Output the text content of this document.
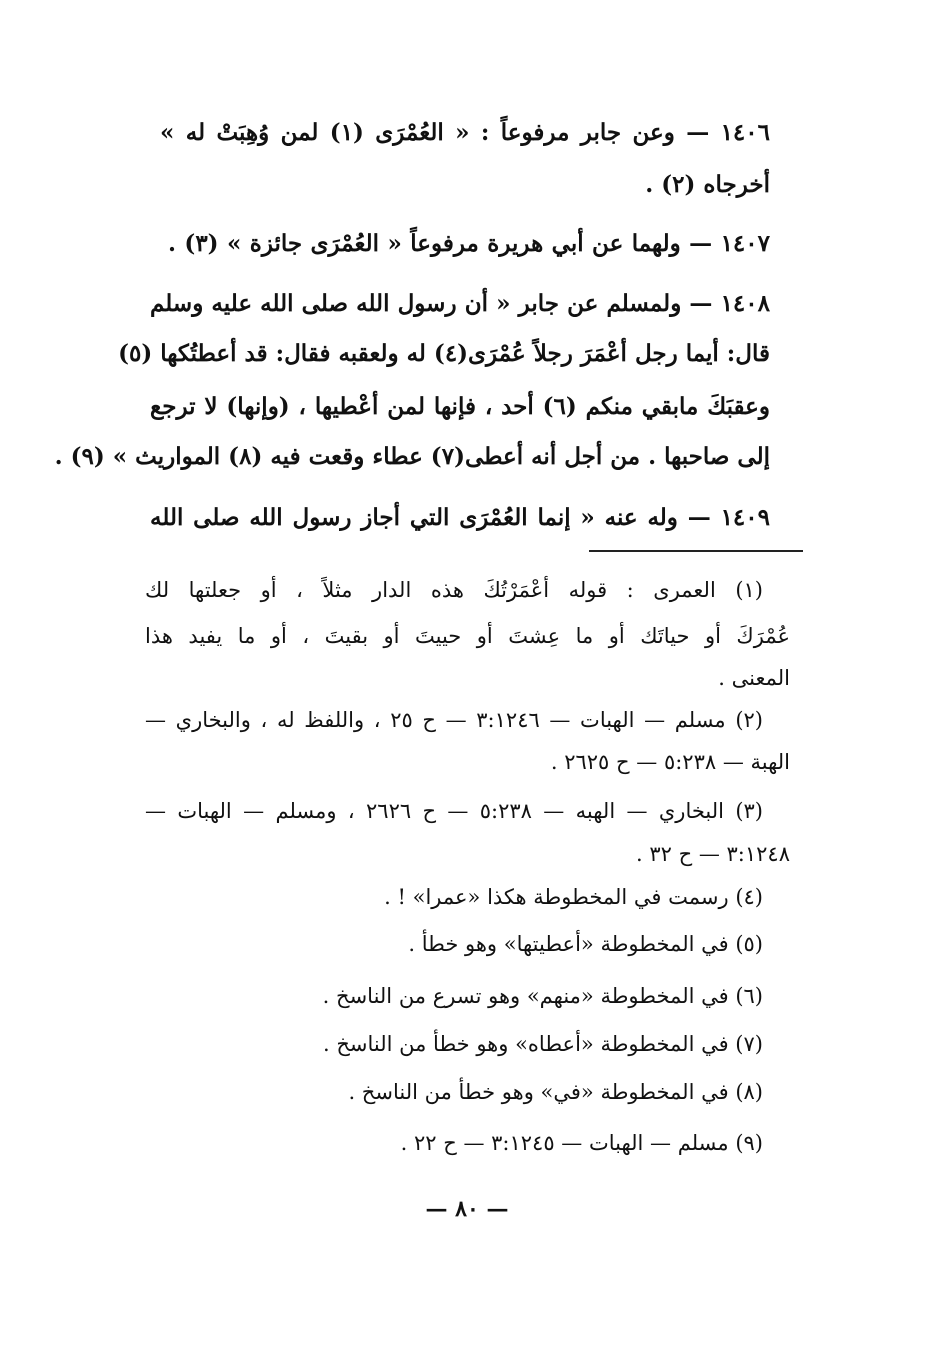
١٤٠٦ — وعن جابر مرفوعاً : « العُمْرَى (١) لمن وُهِبَتْ له »
أخرجاه (٢) .
١٤٠٧ — ولهما عن أبي هريرة مرفوعاً « العُمْرَى جائزة » (٣) .
١٤٠٨ — ولمسلم عن جابر « أن رسول الله صلى الله عليه وسلم
قال: أيما رجل أعْمَرَ رجلاً عُمْرَى(٤) له ولعقبه فقال: قد أعطتُكها (٥)
وعقبَكَ مابقي منكم (٦) أحد ، فإنها لمن أعْطيها ، (وإنها) لا ترجع
إلى صاحبها . من أجل أنه أعطى(٧) عطاء وقعت فيه (٨) المواريث » (٩) .
١٤٠٩ — وله عنه « إنما العُمْرَى التي أجاز رسول الله صلى الله
(١) العمرى : قوله أعْمَرْتُكَ هذه الدار مثلاً ، أو جعلتها لك
عُمْرَكَ أو حياتَك أو ما عِشتَ أو حييتَ أو بقيتَ ، أو ما يفيد هذا
المعنى .
(٢) مسلم — الهبات — ٣:١٢٤٦ — ح ٢٥ ، واللفظ له ، والبخاري —
الهبة — ٥:٢٣٨ — ح ٢٦٢٥ .
(٣) البخاري — الهبه — ٥:٢٣٨ — ح ٢٦٢٦ ، ومسلم — الهبات —
٣:١٢٤٨ — ح ٣٢ .
(٤) رسمت في المخطوطة هكذا «عمرا» ! .
(٥) في المخطوطة «أعطيتها» وهو خطأ .
(٦) في المخطوطة «منهم» وهو تسرع من الناسخ .
(٧) في المخطوطة «أعطاه» وهو خطأ من الناسخ .
(٨) في المخطوطة «في» وهو خطأ من الناسخ .
(٩) مسلم — الهبات — ٣:١٢٤٥ — ح ٢٢ .
— ٨٠ —
